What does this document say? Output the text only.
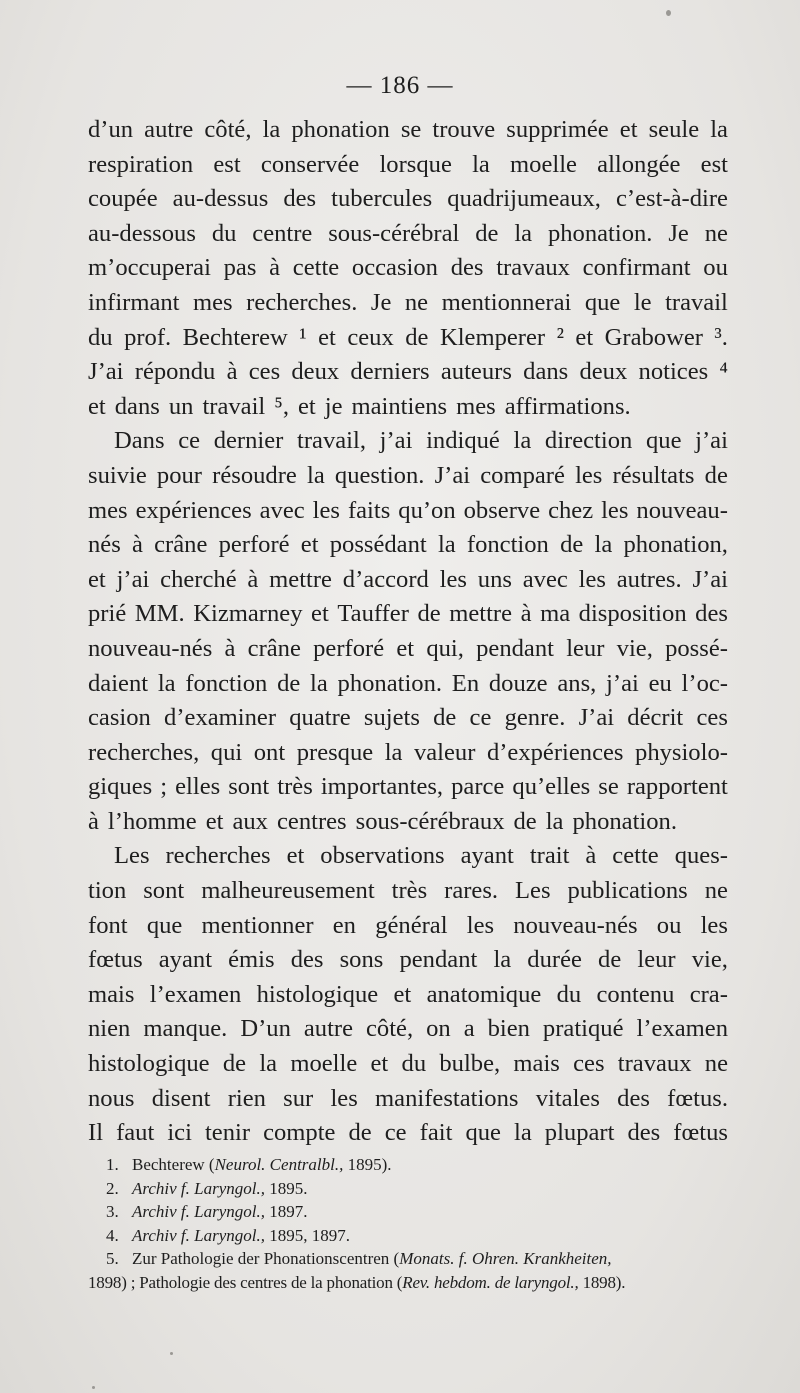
— 186 —
d’un autre côté, la phonation se trouve supprimée et seule la
respiration est conservée lorsque la moelle allongée est
coupée au-dessus des tubercules quadrijumeaux, c’est-à-dire
au-dessous du centre sous-cérébral de la phonation. Je ne
m’occuperai pas à cette occasion des travaux confirmant ou
infirmant mes recherches. Je ne mentionnerai que le travail
du prof. Bechterew ¹ et ceux de Klemperer ² et Grabower ³.
J’ai répondu à ces deux derniers auteurs dans deux notices ⁴
et dans un travail ⁵, et je maintiens mes affirmations.
Dans ce dernier travail, j’ai indiqué la direction que j’ai
suivie pour résoudre la question. J’ai comparé les résultats de
mes expériences avec les faits qu’on observe chez les nouveau-
nés à crâne perforé et possédant la fonction de la phonation,
et j’ai cherché à mettre d’accord les uns avec les autres. J’ai
prié MM. Kizmarney et Tauffer de mettre à ma disposition des
nouveau-nés à crâne perforé et qui, pendant leur vie, possé-
daient la fonction de la phonation. En douze ans, j’ai eu l’oc-
casion d’examiner quatre sujets de ce genre. J’ai décrit ces
recherches, qui ont presque la valeur d’expériences physiolo-
giques ; elles sont très importantes, parce qu’elles se rapportent
à l’homme et aux centres sous-cérébraux de la phonation.
Les recherches et observations ayant trait à cette ques-
tion sont malheureusement très rares. Les publications ne
font que mentionner en général les nouveau-nés ou les
fœtus ayant émis des sons pendant la durée de leur vie,
mais l’examen histologique et anatomique du contenu cra-
nien manque. D’un autre côté, on a bien pratiqué l’examen
histologique de la moelle et du bulbe, mais ces travaux ne
nous disent rien sur les manifestations vitales des fœtus.
Il faut ici tenir compte de ce fait que la plupart des fœtus
1. Bechterew (Neurol. Centralbl., 1895).
2. Archiv f. Laryngol., 1895.
3. Archiv f. Laryngol., 1897.
4. Archiv f. Laryngol., 1895, 1897.
5. Zur Pathologie der Phonationscentren (Monats. f. Ohren. Krankheiten,
1898) ; Pathologie des centres de la phonation (Rev. hebdom. de laryngol., 1898).
